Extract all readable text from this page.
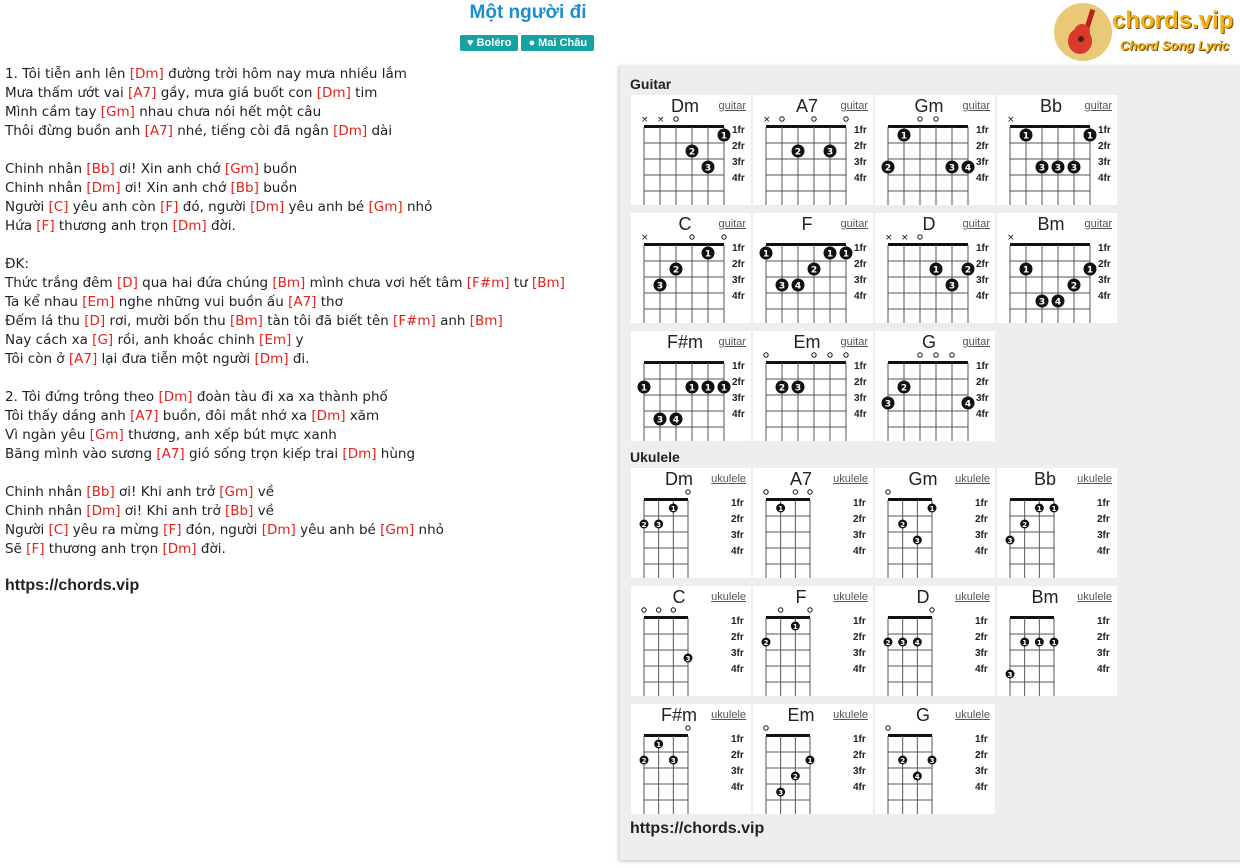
Một người đi
♥ Boléro	● Mai Châu
chords.vip
Chord Song Lyric
1. Tôi tiễn anh lên [Dm] đường trời hôm nay mưa nhiều lắm
Mưa thấm ướt vai [A7] gầy, mưa giá buốt con [Dm] tim
Mình cầm tay [Gm] nhau chưa nói hết một câu
Thôi đừng buồn anh [A7] nhé, tiếng còi đã ngân [Dm] dài
Chinh nhân [Bb] ơi! Xin anh chớ [Gm] buồn
Chinh nhân [Dm] ơi! Xin anh chớ [Bb] buồn
Người [C] yêu anh còn [F] đó, người [Dm] yêu anh bé [Gm] nhỏ
Hứa [F] thương anh trọn [Dm] đời.
ĐK:
Thức trắng đêm [D] qua hai đứa chúng [Bm] mình chưa vơi hết tâm [F#m] tư [Bm]
Ta kể nhau [Em] nghe những vui buồn ấu [A7] thơ
Đếm lá thu [D] rơi, mười bốn thu [Bm] tàn tôi đã biết tên [F#m] anh [Bm]
Nay cách xa [G] rồi, anh khoác chinh [Em] y
Tôi còn ở [A7] lại đưa tiễn một người [Dm] đi.
2. Tôi đứng trông theo [Dm] đoàn tàu đi xa xa thành phố
Tôi thấy dáng anh [A7] buồn, đôi mắt nhớ xa [Dm] xăm
Vì ngàn yêu [Gm] thương, anh xếp bút mực xanh
Băng mình vào sương [A7] gió sống trọn kiếp trai [Dm] hùng
Chinh nhân [Bb] ơi! Khi anh trở [Gm] về
Chinh nhân [Dm] ơi! Khi anh trở [Bb] về
Người [C] yêu ra mừng [F] đón, người [Dm] yêu anh bé [Gm] nhỏ
Sẽ [F] thương anh trọn [Dm] đời.
https://chords.vip
Guitar
Ukulele
1fr
2fr
3fr
4fr
× ×
2
3
1
Dm	guitar
1fr
2fr
3fr
4fr
×
2	3
A7	guitar
1fr
2fr
3fr
4fr
2
1
3 4
Gm	guitar
1fr
2fr
3fr
4fr
×
1
3 3 3
1
Bb	guitar
1fr
2fr
3fr
4fr
×
3
2
1
C	guitar
1fr
2fr
3fr
4fr
1
3 4
2
1 1
F	guitar
1fr
2fr
3fr
4fr
× ×
1
3
2
D	guitar
1fr
2fr
3fr
4fr
×
1
3 4
2
1
Bm	guitar
1fr
2fr
3fr
4fr
1
3 4
1 1 1
F#m	guitar
1fr
2fr
3fr
4fr
2 3
Em	guitar
1fr
2fr
3fr
4fr
3
2
4
G	guitar
1fr
2fr
3fr
4fr
2 3
1
Dm	ukulele
1fr
2fr
3fr
4fr
1
A7	ukulele
1fr
2fr
3fr
4fr
2
3
1
Gm	ukulele
1fr
2fr
3fr
4fr
3
2
1 1
Bb	ukulele
1fr
2fr
3fr
4fr
3
C	ukulele
1fr
2fr
3fr
4fr
2
1
F	ukulele
1fr
2fr
3fr
4fr
2 3 4
D	ukulele
1fr
2fr
3fr
4fr
3
1 1 1
Bm	ukulele
1fr
2fr
3fr
4fr
2
1
3
F#m	ukulele
1fr
2fr
3fr
4fr
3
2
1
Em	ukulele
1fr
2fr
3fr
4fr
2
4
3
G	ukulele
https://chords.vip
